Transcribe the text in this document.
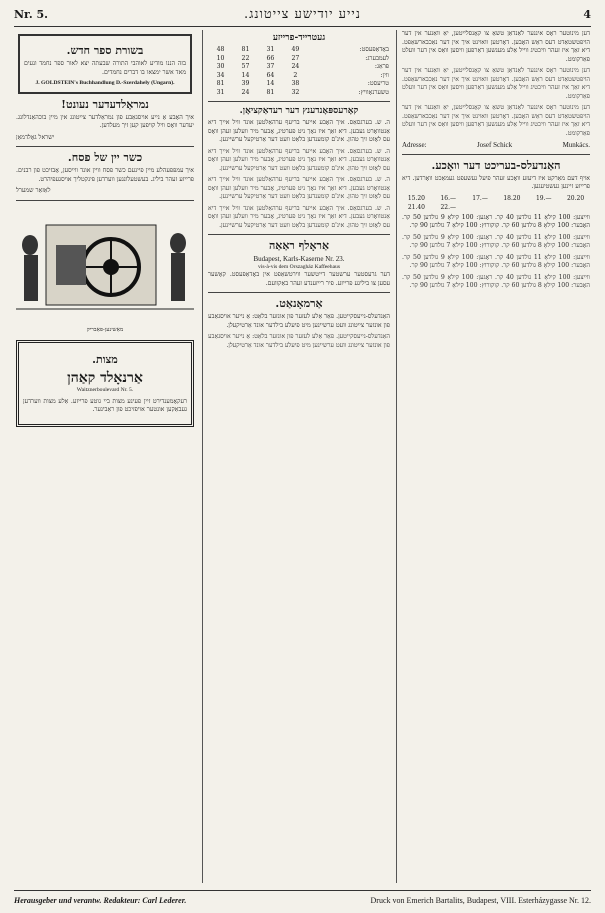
4
נייע יודישע צייטונג.
Nr. 5.

דען מינוטער ראָס איננער לאַנדאַן טשאַ צו קאָנסלייטען, יאַ וואַנער אין דער הויפטשטאַדט דעס ראַש האָבען. דאָרטען וואוינט איך אין דער נאַכבארשאַפט. דיא זאַך איז זעהר וויכטיג ווייל אַלע מענשען דאַרפען וויסען וואַס אין דער וועלט פאַרקומט.

דען מינוטער ראָס איננער לאַנדאַן טשאַ צו קאָנסלייטען, יאַ וואַנער אין דער הויפטשטאַדט דעס ראַש האָבען. דאָרטען וואוינט איך אין דער נאַכבארשאַפט. דיא זאַך איז זעהר וויכטיג ווייל אַלע מענשען דאַרפען וויסען וואַס אין דער וועלט פאַרקומט.

דען מינוטער ראָס איננער לאַנדאַן טשאַ צו קאָנסלייטען, יאַ וואַנער אין דער הויפטשטאַדט דעס ראַש האָבען. דאָרטען וואוינט איך אין דער נאַכבארשאַפט. דיא זאַך איז זעהר וויכטיג ווייל אַלע מענשען דאַרפען וויסען וואַס אין דער וועלט פאַרקומט.

Adresse:	Josef Schick	Munkács.
האַנדעלס-בעריכט דער וואָכע.

אויף דעם מאַרקט איז דיעזע וואָכע זעהר פיעל געשעפט געמאַכט וואָרדען. דיא פרייזע זיינען געשטיעגען.

15.20	16.—	17.—	18.20	19.—	20.20
21.40	22.—

ווייצען: 100 קילאָ 11 גולדען 40 קר. ראָגען: 100 קילאָ 9 גולדען 50 קר. האָבער: 100 קילאָ 8 גולדען 60 קר. קוקורוץ: 100 קילאָ 7 גולדען 90 קר.

ווייצען: 100 קילאָ 11 גולדען 40 קר. ראָגען: 100 קילאָ 9 גולדען 50 קר. האָבער: 100 קילאָ 8 גולדען 60 קר. קוקורוץ: 100 קילאָ 7 גולדען 90 קר.

ווייצען: 100 קילאָ 11 גולדען 40 קר. ראָגען: 100 קילאָ 9 גולדען 50 קר. האָבער: 100 קילאָ 8 גולדען 60 קר. קוקורוץ: 100 קילאָ 7 גולדען 90 קר.

ווייצען: 100 קילאָ 11 גולדען 40 קר. ראָגען: 100 קילאָ 9 גולדען 50 קר. האָבער: 100 קילאָ 8 גולדען 60 קר. קוקורוץ: 100 קילאָ 7 גולדען 90 קר.

געטרייד-פרייזע
באָדאַפּעסט:	49	31	81	48
לעמבערג:	27	66	22	10
פּראַג:	24	37	57	30
ווין:	2	64	14	34
טריעסט:	38	14	39	81
טשערנאָוויץ:	32	81	24	31
קאָרעספּאָנדענץ דער רעדאַקציאָן.

ה. ש. בערגסאַס. איך האָבע אייער בריעף ערהאַלטען אונד וויל אייך דיא אַנטוואָרט געבען. דיא זאַך איז נאָך ניט פערטיג, אָבער מיר וועלען זעהן וואָס עס לאָזט זיך טהון. אינ'ם קומענדען בלאַט וועט דער אַרטיקעל ערשיינען.

ה. ש. בערגסאַס. איך האָבע אייער בריעף ערהאַלטען אונד וויל אייך דיא אַנטוואָרט געבען. דיא זאַך איז נאָך ניט פערטיג, אָבער מיר וועלען זעהן וואָס עס לאָזט זיך טהון. אינ'ם קומענדען בלאַט וועט דער אַרטיקעל ערשיינען.

ה. ש. בערגסאַס. איך האָבע אייער בריעף ערהאַלטען אונד וויל אייך דיא אַנטוואָרט געבען. דיא זאַך איז נאָך ניט פערטיג, אָבער מיר וועלען זעהן וואָס עס לאָזט זיך טהון. אינ'ם קומענדען בלאַט וועט דער אַרטיקעל ערשיינען.

ה. ש. בערגסאַס. איך האָבע אייער בריעף ערהאַלטען אונד וויל אייך דיא אַנטוואָרט געבען. דיא זאַך איז נאָך ניט פערטיג, אָבער מיר וועלען זעהן וואָס עס לאָזט זיך טהון. אינ'ם קומענדען בלאַט וועט דער אַרטיקעל ערשיינען.

אַראָלף ראַאַה
Budapest, Karls-Kaserne Nr. 23.
vis-à-vis dem Orszagház Kaffeehaus

דער גרעסטער ערשטער דייטשער ווירטשאַפט אין באָדאַפּעסט. קאָשער עסען צו ביליגע פרייזע. פיר רייזענדע זעהר באַקוועם.

אַרמאָנאַט.

האַנדעלס-נייעסקייטען. פאַר אַלע לעזער פון אונזער בלאַט: אַ נייער אויסגאַבע פון אונזער צייטונג וועט ערשיינען מיט פיעלע בילדער אונד אַרטיקעלן.

האַנדעלס-נייעסקייטען. פאַר אַלע לעזער פון אונזער בלאַט: אַ נייער אויסגאַבע פון אונזער צייטונג וועט ערשיינען מיט פיעלע בילדער אונד אַרטיקעלן.

בשורת ספר חדש.

בזה הננו מודיע לאוהבי התורה שבעתה יצא לאור ספר נחמד ונעים מאד אשר ימצאו בו דברים נחמדים.

J. GOLDSTEIN's Buchhandlung D.-Szerdahely (Ungarn).
נמראַלדעדער נעונט!

איך האָבע אַ נייע אויסגאַבע פון נמראַלדער צייטונג אין מיין בוכהאַנדלונג. יעדער וואָס וויל קויפען קען זיך מעלדען.

ישראל גאָלדמאַן
כשר יין של פסח.

איך עמפּפעהלע מיין פיינעם כשר פסח וויין אונד ווייסען, אָבזיכט פון רבנים. פרייזע זעהר ביליג. בעשטעלונגען ווערדען פּינקטליך אויסגעפיהרט.

לאַזאַר שמערל
מאַשינען-פאַבריק
מצות.
אַרנאָלד קאַהן
Waitznerboulevard Nr. 5.

רעקאָמענדירט זיין פעינע מצות ביי גוטע פרייזע. אַלע מצות ווערדען געבאַקען אונטער אויפזיכט פון ראַבינער.

Herausgeber und verantw. Redakteur: Carl Lederer.	Druck von Emerich Bartalits, Budapest, VIII. Esterházygasse Nr. 12.
